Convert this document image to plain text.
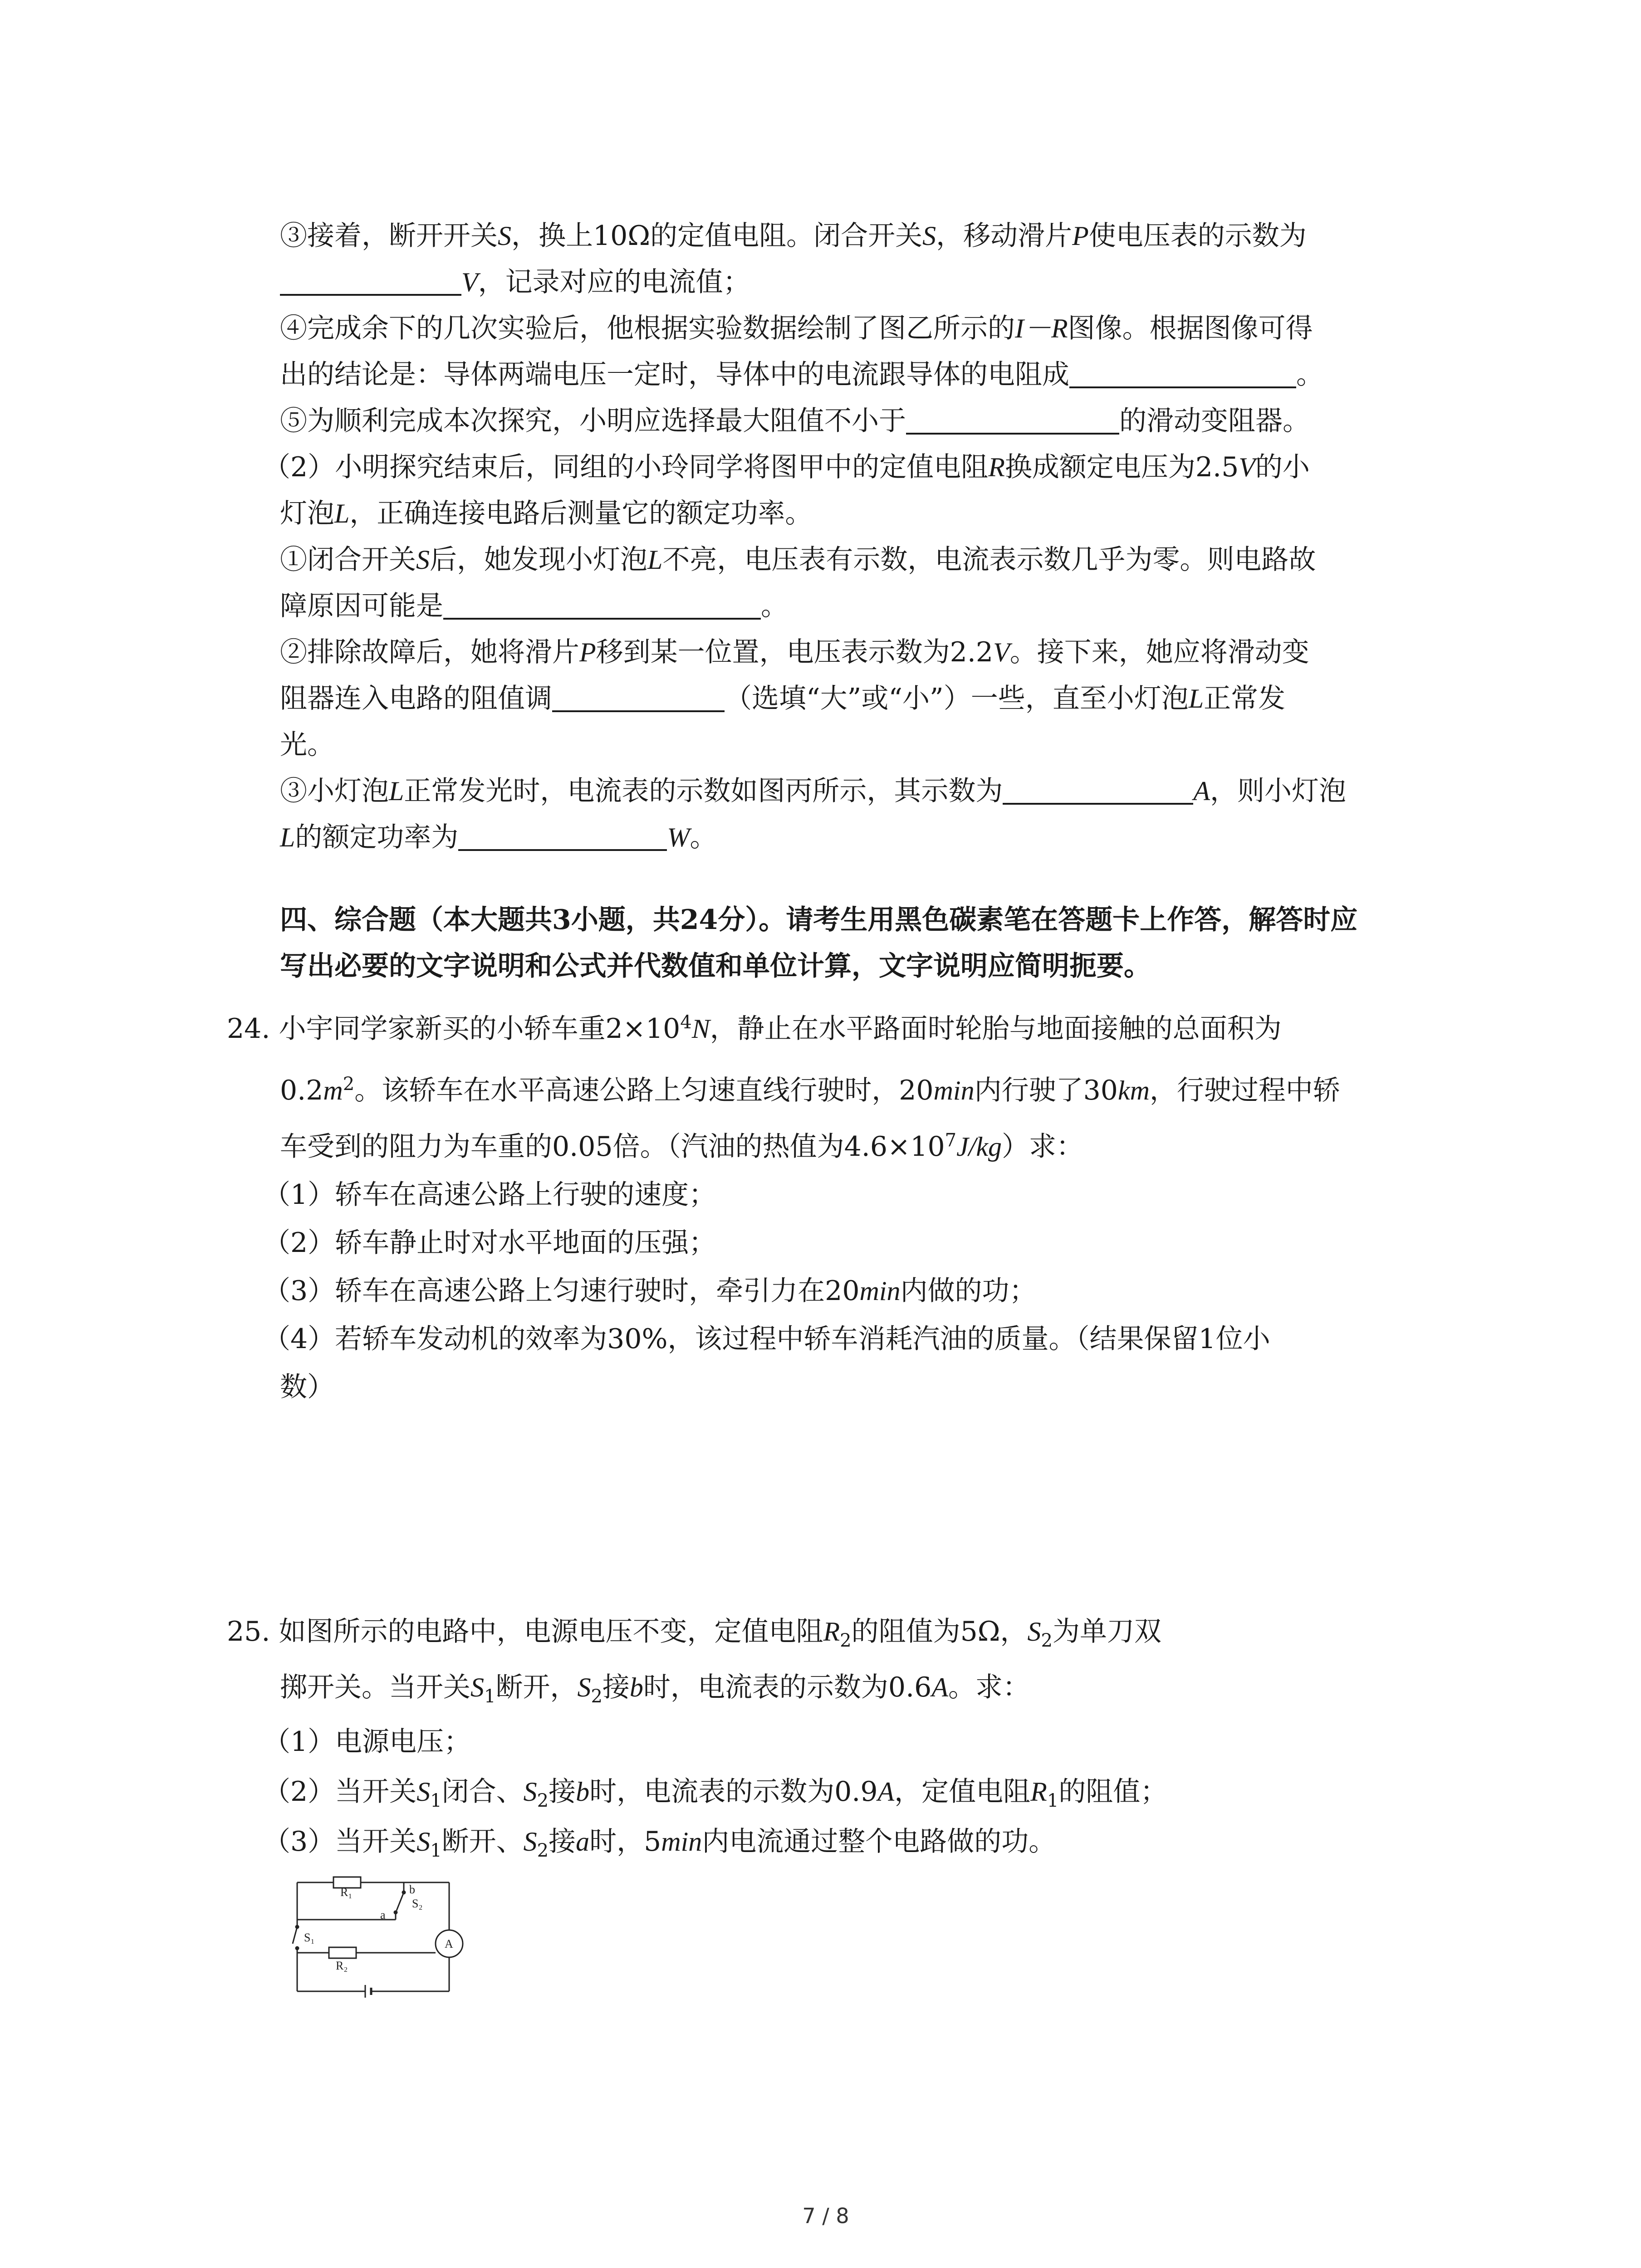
③接着，断开开关S，换上10Ω的定值电阻。闭合开关S，移动滑片P使电压表的示数为
V，记录对应的电流值；
④完成余下的几次实验后，他根据实验数据绘制了图乙所示的I－R图像。根据图像可得
出的结论是：导体两端电压一定时，导体中的电流跟导体的电阻成	。
⑤为顺利完成本次探究，小明应选择最大阻值不小于	的滑动变阻器。
（2）小明探究结束后，同组的小玲同学将图甲中的定值电阻R换成额定电压为2.5V的小
灯泡L，正确连接电路后测量它的额定功率。
①闭合开关S后，她发现小灯泡L不亮，电压表有示数，电流表示数几乎为零。则电路故
障原因可能是	。
②排除故障后，她将滑片P移到某一位置，电压表示数为2.2V。接下来，她应将滑动变
阻器连入电路的阻值调	（选填“大”或“小”）一些，直至小灯泡L正常发
光。
③小灯泡L正常发光时，电流表的示数如图丙所示，其示数为	A，则小灯泡
L的额定功率为	W。
四、综合题（本大题共3小题，共24分）。请考生用黑色碳素笔在答题卡上作答，解答时应
写出必要的文字说明和公式并代数值和单位计算，文字说明应简明扼要。
24. 小宇同学家新买的小轿车重$2\times 10^4N$，静止在水平路面时轮胎与地面接触的总面积为
$0.2m^2$。该轿车在水平高速公路上匀速直线行驶时，20min内行驶了30km，行驶过程中轿
车受到的阻力为车重的0.05倍。（汽油的热值为$4.6\times 10^7J/kg$）求：
（1）轿车在高速公路上行驶的速度；
（2）轿车静止时对水平地面的压强；
（3）轿车在高速公路上匀速行驶时，牵引力在20min内做的功；
（4）若轿车发动机的效率为30%，该过程中轿车消耗汽油的质量。（结果保留1位小
数）
25. 如图所示的电路中，电源电压不变，定值电阻$R_2$的阻值为5Ω，$S_2$为单刀双
掷开关。当开关$S_1$断开，$S_2$接b时，电流表的示数为0.6A。求：
（1）电源电压；
（2）当开关$S_1$闭合、$S_2$接b时，电流表的示数为0.9A，定值电阻$R_1$的阻值；
（3）当开关$S_1$断开、$S_2$接a时，5min内电流通过整个电路做的功。
R₁
R₂
S₁
S₂
b
a
A
7 / 8
